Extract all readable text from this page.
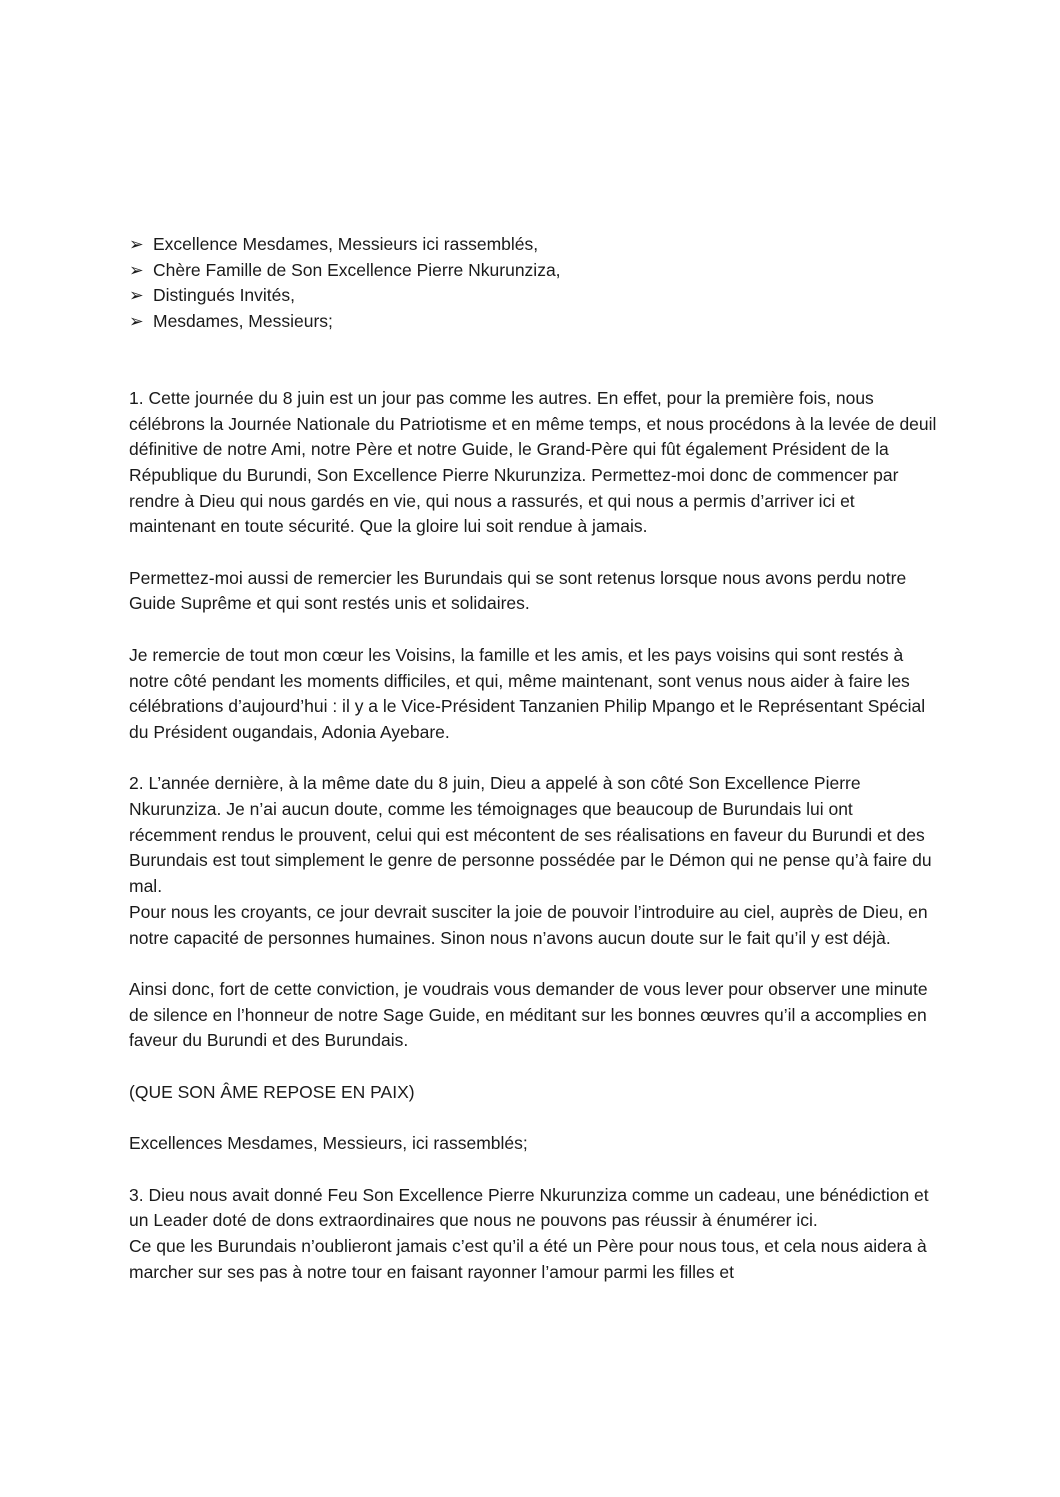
➢ Excellence Mesdames, Messieurs ici rassemblés,
➢ Chère Famille de Son Excellence Pierre Nkurunziza,
➢ Distingués Invités,
➢ Mesdames, Messieurs;

1. Cette journée du 8 juin est un jour pas comme les autres. En effet, pour la première fois, nous célébrons la Journée Nationale du Patriotisme et en même temps, et nous procédons à la levée de deuil définitive de notre Ami, notre Père et notre Guide, le Grand-Père qui fût également Président de la République du Burundi, Son Excellence Pierre Nkurunziza. Permettez-moi donc de commencer par rendre à Dieu qui nous gardés en vie, qui nous a rassurés, et qui nous a permis d’arriver ici et maintenant en toute sécurité. Que la gloire lui soit rendue à jamais.

Permettez-moi aussi de remercier les Burundais qui se sont retenus lorsque nous avons perdu notre Guide Suprême et qui sont restés unis et solidaires.

Je remercie de tout mon cœur les Voisins, la famille et les amis, et les pays voisins qui sont restés à notre côté pendant les moments difficiles, et qui, même maintenant, sont venus nous aider à faire les célébrations d’aujourd’hui : il y a le Vice-Président Tanzanien Philip Mpango et le Représentant Spécial du Président ougandais, Adonia Ayebare.

2. L’année dernière, à la même date du 8 juin, Dieu a appelé à son côté Son Excellence Pierre Nkurunziza. Je n’ai aucun doute, comme les témoignages que beaucoup de Burundais lui ont récemment rendus le prouvent, celui qui est mécontent de ses réalisations en faveur du Burundi et des Burundais est tout simplement le genre de personne possédée par le Démon qui ne pense qu’à faire du mal.

Pour nous les croyants, ce jour devrait susciter la joie de pouvoir l’introduire au ciel, auprès de Dieu, en notre capacité de personnes humaines. Sinon nous n’avons aucun doute sur le fait qu’il y est déjà.

Ainsi donc, fort de cette conviction, je voudrais vous demander de vous lever pour observer une minute de silence en l’honneur de notre Sage Guide, en méditant sur les bonnes œuvres qu’il a accomplies en faveur du Burundi et des Burundais.

(QUE SON ÂME REPOSE EN PAIX)

Excellences Mesdames, Messieurs, ici rassemblés;

3. Dieu nous avait donné Feu Son Excellence Pierre Nkurunziza comme un cadeau, une bénédiction et un Leader doté de dons extraordinaires que nous ne pouvons pas réussir à énumérer ici.

Ce que les Burundais n’oublieront jamais c’est qu’il a été un Père pour nous tous, et cela nous aidera à marcher sur ses pas à notre tour en faisant rayonner l’amour parmi les filles et
